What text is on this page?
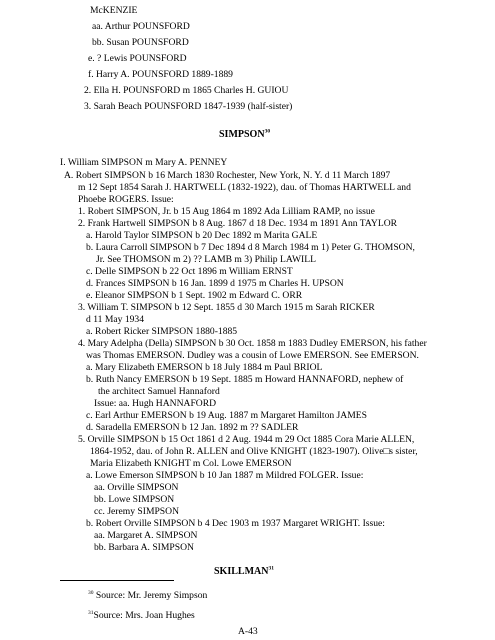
McKENZIE
aa. Arthur POUNSFORD
bb. Susan POUNSFORD
e. ? Lewis POUNSFORD
f. Harry A. POUNSFORD 1889-1889
2. Ella H. POUNSFORD m 1865 Charles H. GUIOU
3. Sarah Beach POUNSFORD 1847-1939 (half-sister)
SIMPSON$^{30}$
I. William SIMPSON m Mary A. PENNEY
A. Robert SIMPSON b 16 March 1830 Rochester, New York, N. Y. d 11 March 1897
m 12 Sept 1854 Sarah J. HARTWELL (1832-1922), dau. of Thomas HARTWELL and
Phoebe ROGERS. Issue:
1. Robert SIMPSON, Jr. b 15 Aug 1864 m 1892 Ada Lilliam RAMP, no issue
2. Frank Hartwell SIMPSON b 8 Aug. 1867 d 18 Dec. 1934 m 1891 Ann TAYLOR
a. Harold Taylor SIMPSON b 20 Dec 1892 m Marita GALE
b. Laura Carroll SIMPSON b 7 Dec 1894 d 8 March 1984 m 1) Peter G. THOMSON,
Jr. See THOMSON m 2) ?? LAMB m 3) Philip LAWILL
c. Delle SIMPSON b 22 Oct 1896 m William ERNST
d. Frances SIMPSON b 16 Jan. 1899 d 1975 m Charles H. UPSON
e. Eleanor SIMPSON b 1 Sept. 1902 m Edward C. ORR
3. William T. SIMPSON b 12 Sept. 1855 d 30 March 1915 m Sarah RICKER
d 11 May 1934
a. Robert Ricker SIMPSON 1880-1885
4. Mary Adelpha (Della) SIMPSON b 30 Oct. 1858 m 1883 Dudley EMERSON, his father
was Thomas EMERSON. Dudley was a cousin of Lowe EMERSON. See EMERSON.
a. Mary Elizabeth EMERSON b 18 July 1884 m Paul BRIOL
b. Ruth Nancy EMERSON b 19 Sept. 1885 m Howard HANNAFORD, nephew of
the architect Samuel Hannaford
Issue: aa. Hugh HANNAFORD
c. Earl Arthur EMERSON b 19 Aug. 1887 m Margaret Hamilton JAMES
d. Saradella EMERSON b 12 Jan. 1892 m ?? SADLER
5. Orville SIMPSON b 15 Oct 1861 d 2 Aug. 1944 m 29 Oct 1885 Cora Marie ALLEN,
1864-1952, dau. of John R. ALLEN and Olive KNIGHT (1823-1907). Olive□s sister,
Maria Elizabeth KNIGHT m Col. Lowe EMERSON
a. Lowe Emerson SIMPSON b 10 Jan 1887 m Mildred FOLGER. Issue:
aa. Orville SIMPSON
bb. Lowe SIMPSON
cc. Jeremy SIMPSON
b. Robert Orville SIMPSON b 4 Dec 1903 m 1937 Margaret WRIGHT. Issue:
aa. Margaret A. SIMPSON
bb. Barbara A. SIMPSON
SKILLMAN$^{31}$
$^{30}$ Source: Mr. Jeremy Simpson
$^{31}$Source: Mrs. Joan Hughes
A-43
